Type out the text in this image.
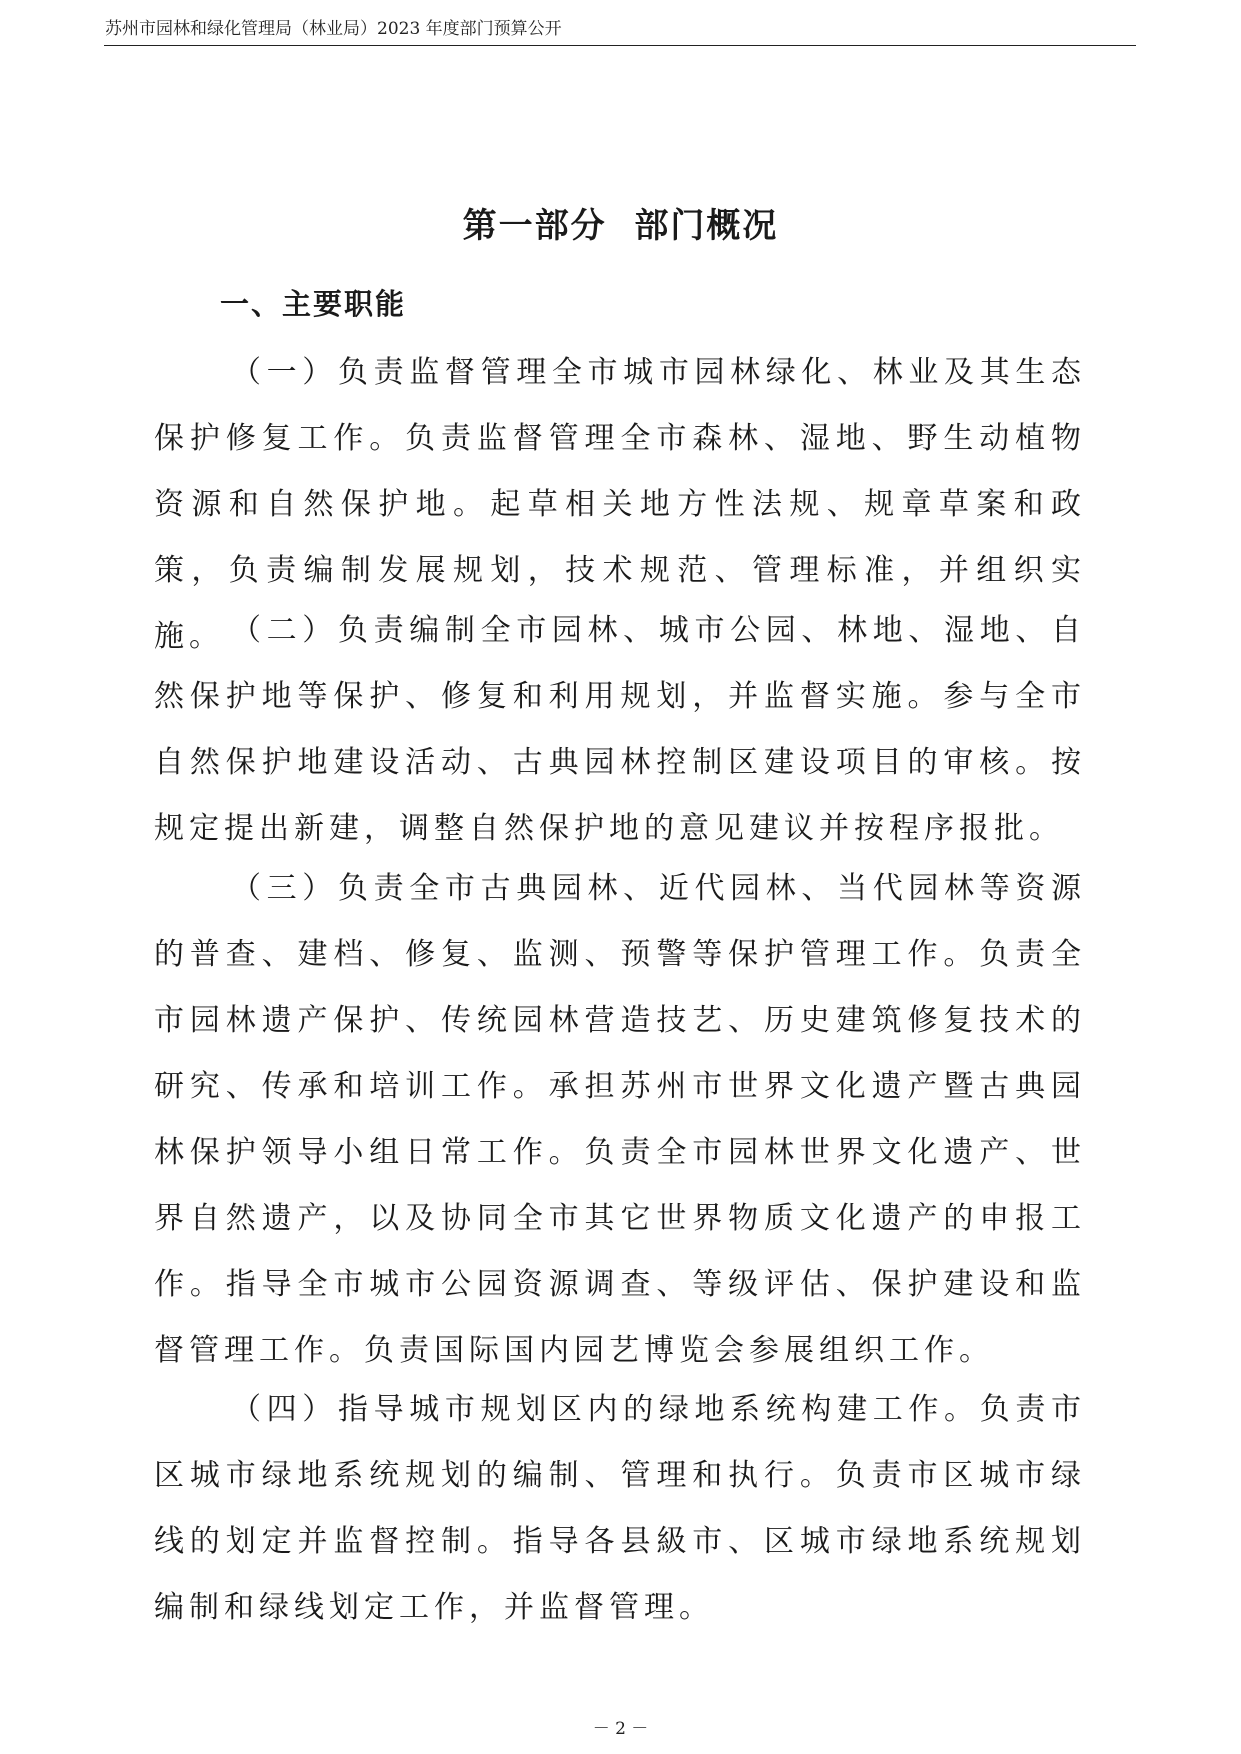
苏州市园林和绿化管理局（林业局）2023 年度部门预算公开
第一部分  部门概况
一、主要职能
（一）负责监督管理全市城市园林绿化、林业及其生态保护修复工作。负责监督管理全市森林、湿地、野生动植物资源和自然保护地。起草相关地方性法规、规章草案和政策，负责编制发展规划，技术规范、管理标准，并组织实施。 （二）负责编制全市园林、城市公园、林地、湿地、自然保护地等保护、修复和利用规划，并监督实施。参与全市自然保护地建设活动、古典园林控制区建设项目的审核。按规定提出新建，调整自然保护地的意见建议并按程序报批。
（三）负责全市古典园林、近代园林、当代园林等资源的普查、建档、修复、监测、预警等保护管理工作。负责全市园林遗产保护、传统园林营造技艺、历史建筑修复技术的研究、传承和培训工作。承担苏州市世界文化遗产暨古典园林保护领导小组日常工作。负责全市园林世界文化遗产、世界自然遗产，以及协同全市其它世界物质文化遗产的申报工作。指导全市城市公园资源调查、等级评估、保护建设和监督管理工作。负责国际国内园艺博览会参展组织工作。
（四）指导城市规划区内的绿地系统构建工作。负责市区城市绿地系统规划的编制、管理和执行。负责市区城市绿线的划定并监督控制。指导各县級市、区城市绿地系统规划编制和绿线划定工作，并监督管理。
－ 2 －
